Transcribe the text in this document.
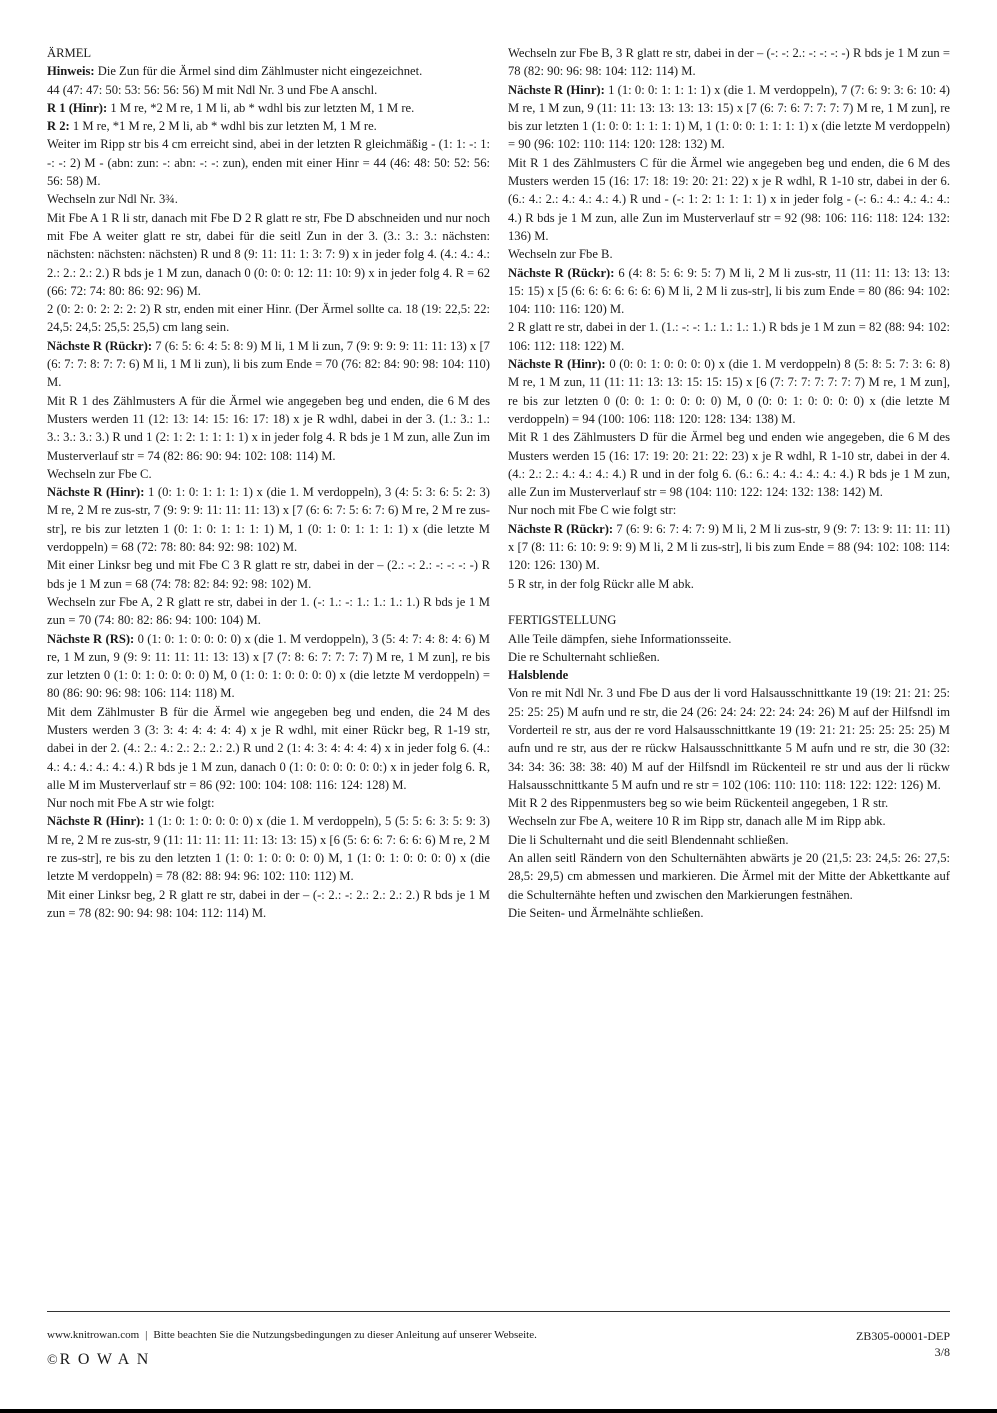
ÄRMEL

Hinweis: Die Zun für die Ärmel sind dim Zählmuster nicht eingezeichnet.

44 (47: 47: 50: 53: 56: 56: 56) M mit Ndl Nr. 3 und Fbe A anschl.

R 1 (Hinr): 1 M re, *2 M re, 1 M li, ab * wdhl bis zur letzten M, 1 M re.

R 2: 1 M re, *1 M re, 2 M li, ab * wdhl bis zur letzten M, 1 M re.

Weiter im Ripp str bis 4 cm erreicht sind, abei in der letzten R gleichmäßig - (1: 1: -: 1: -: -: 2) M - (abn: zun: -: abn: -: -: zun), enden mit einer Hinr = 44 (46: 48: 50: 52: 56: 56: 58) M.

Wechseln zur Ndl Nr. 3¾.

Mit Fbe A 1 R li str, danach mit Fbe D 2 R glatt re str, Fbe D abschneiden und nur noch mit Fbe A weiter glatt re str, dabei für die seitl Zun in der 3. (3.: 3.: 3.: nächsten: nächsten: nächsten: nächsten) R und 8 (9: 11: 11: 1: 3: 7: 9) x in jeder folg 4. (4.: 4.: 4.: 2.: 2.: 2.: 2.) R bds je 1 M zun, danach 0 (0: 0: 0: 12: 11: 10: 9) x in jeder folg 4. R = 62 (66: 72: 74: 80: 86: 92: 96) M.

2 (0: 2: 0: 2: 2: 2: 2) R str, enden mit einer Hinr. (Der Ärmel sollte ca. 18 (19: 22,5: 22: 24,5: 24,5: 25,5: 25,5) cm lang sein.

Nächste R (Rückr): 7 (6: 5: 6: 4: 5: 8: 9) M li, 1 M li zun, 7 (9: 9: 9: 9: 11: 11: 13) x [7 (6: 7: 7: 8: 7: 7: 6) M li, 1 M li zun), li bis zum Ende = 70 (76: 82: 84: 90: 98: 104: 110) M.

Mit R 1 des Zählmusters A für die Ärmel wie angegeben beg und enden, die 6 M des Musters werden 11 (12: 13: 14: 15: 16: 17: 18) x je R wdhl, dabei in der 3. (1.: 3.: 1.: 3.: 3.: 3.: 3.) R und 1 (2: 1: 2: 1: 1: 1: 1) x in jeder folg 4. R bds je 1 M zun, alle Zun im Musterverlauf str = 74 (82: 86: 90: 94: 102: 108: 114) M.

Wechseln zur Fbe C.

Nächste R (Hinr): 1 (0: 1: 0: 1: 1: 1: 1) x (die 1. M verdoppeln), 3 (4: 5: 3: 6: 5: 2: 3) M re, 2 M re zus-str, 7 (9: 9: 9: 11: 11: 11: 13) x [7 (6: 6: 7: 5: 6: 7: 6) M re, 2 M re zus-str], re bis zur letzten 1 (0: 1: 0: 1: 1: 1: 1) M, 1 (0: 1: 0: 1: 1: 1: 1) x (die letzte M verdoppeln) = 68 (72: 78: 80: 84: 92: 98: 102) M.

Mit einer Linksr beg und mit Fbe C 3 R glatt re str, dabei in der – (2.: -: 2.: -: -: -: -) R bds je 1 M zun = 68 (74: 78: 82: 84: 92: 98: 102) M.

Wechseln zur Fbe A, 2 R glatt re str, dabei in der 1. (-: 1.: -: 1.: 1.: 1.: 1.) R bds je 1 M zun = 70 (74: 80: 82: 86: 94: 100: 104) M.

Nächste R (RS): 0 (1: 0: 1: 0: 0: 0: 0) x (die 1. M verdoppeln), 3 (5: 4: 7: 4: 8: 4: 6) M re, 1 M zun, 9 (9: 9: 11: 11: 11: 13: 13) x [7 (7: 8: 6: 7: 7: 7: 7) M re, 1 M zun], re bis zur letzten 0 (1: 0: 1: 0: 0: 0: 0) M, 0 (1: 0: 1: 0: 0: 0: 0) x (die letzte M verdoppeln) = 80 (86: 90: 96: 98: 106: 114: 118) M.

Mit dem Zählmuster B für die Ärmel wie angegeben beg und enden, die 24 M des Musters werden 3 (3: 3: 4: 4: 4: 4: 4) x je R wdhl, mit einer Rückr beg, R 1-19 str, dabei in der 2. (4.: 2.: 4.: 2.: 2.: 2.: 2.) R und 2 (1: 4: 3: 4: 4: 4: 4) x in jeder folg 6. (4.: 4.: 4.: 4.: 4.: 4.: 4.) R bds je 1 M zun, danach 0 (1: 0: 0: 0: 0: 0: 0:) x in jeder folg 6. R, alle M im Musterverlauf str = 86 (92: 100: 104: 108: 116: 124: 128) M.

Nur noch mit Fbe A str wie folgt:

Nächste R (Hinr): 1 (1: 0: 1: 0: 0: 0: 0) x (die 1. M verdoppeln), 5 (5: 5: 6: 3: 5: 9: 3) M re, 2 M re zus-str, 9 (11: 11: 11: 11: 11: 13: 13: 15) x [6 (5: 6: 6: 7: 6: 6: 6) M re, 2 M re zus-str], re bis zu den letzten 1 (1: 0: 1: 0: 0: 0: 0) M, 1 (1: 0: 1: 0: 0: 0: 0) x (die letzte M verdoppeln) = 78 (82: 88: 94: 96: 102: 110: 112) M.

Mit einer Linksr beg, 2 R glatt re str, dabei in der – (-: 2.: -: 2.: 2.: 2.: 2.) R bds je 1 M zun = 78 (82: 90: 94: 98: 104: 112: 114) M.

Wechseln zur Fbe B, 3 R glatt re str, dabei in der – (-: -: 2.: -: -: -: -) R bds je 1 M zun = 78 (82: 90: 96: 98: 104: 112: 114) M.

Nächste R (Hinr): 1 (1: 0: 0: 1: 1: 1: 1) x (die 1. M verdoppeln), 7 (7: 6: 9: 3: 6: 10: 4) M re, 1 M zun, 9 (11: 11: 13: 13: 13: 13: 15) x [7 (6: 7: 6: 7: 7: 7: 7) M re, 1 M zun], re bis zur letzten 1 (1: 0: 0: 1: 1: 1: 1) M, 1 (1: 0: 0: 1: 1: 1: 1) x (die letzte M verdoppeln) = 90 (96: 102: 110: 114: 120: 128: 132) M.

Mit R 1 des Zählmusters C für die Ärmel wie angegeben beg und enden, die 6 M des Musters werden 15 (16: 17: 18: 19: 20: 21: 22) x je R wdhl, R 1-10 str, dabei in der 6. (6.: 4.: 2.: 4.: 4.: 4.: 4.) R und - (-: 1: 2: 1: 1: 1: 1) x in jeder folg - (-: 6.: 4.: 4.: 4.: 4.: 4.) R bds je 1 M zun, alle Zun im Musterverlauf str = 92 (98: 106: 116: 118: 124: 132: 136) M.

Wechseln zur Fbe B.

Nächste R (Rückr): 6 (4: 8: 5: 6: 9: 5: 7) M li, 2 M li zus-str, 11 (11: 11: 13: 13: 13: 15: 15) x [5 (6: 6: 6: 6: 6: 6: 6) M li, 2 M li zus-str], li bis zum Ende = 80 (86: 94: 102: 104: 110: 116: 120) M.

2 R glatt re str, dabei in der 1. (1.: -: -: 1.: 1.: 1.: 1.) R bds je 1 M zun = 82 (88: 94: 102: 106: 112: 118: 122) M.

Nächste R (Hinr): 0 (0: 0: 1: 0: 0: 0: 0) x (die 1. M verdoppeln) 8 (5: 8: 5: 7: 3: 6: 8) M re, 1 M zun, 11 (11: 11: 13: 13: 15: 15: 15) x [6 (7: 7: 7: 7: 7: 7: 7) M re, 1 M zun], re bis zur letzten 0 (0: 0: 1: 0: 0: 0: 0) M, 0 (0: 0: 1: 0: 0: 0: 0) x (die letzte M verdoppeln) = 94 (100: 106: 118: 120: 128: 134: 138) M.

Mit R 1 des Zählmusters D für die Ärmel beg und enden wie angegeben, die 6 M des Musters werden 15 (16: 17: 19: 20: 21: 22: 23) x je R wdhl, R 1-10 str, dabei in der 4. (4.: 2.: 2.: 4.: 4.: 4.: 4.) R und in der folg 6. (6.: 6.: 4.: 4.: 4.: 4.: 4.) R bds je 1 M zun, alle Zun im Musterverlauf str = 98 (104: 110: 122: 124: 132: 138: 142) M.

Nur noch mit Fbe C wie folgt str:

Nächste R (Rückr): 7 (6: 9: 6: 7: 4: 7: 9) M li, 2 M li zus-str, 9 (9: 7: 13: 9: 11: 11: 11) x [7 (8: 11: 6: 10: 9: 9: 9) M li, 2 M li zus-str], li bis zum Ende = 88 (94: 102: 108: 114: 120: 126: 130) M.

5 R str, in der folg Rückr alle M abk.

FERTIGSTELLUNG

Alle Teile dämpfen, siehe Informationsseite.

Die re Schulternaht schließen.

Halsblende

Von re mit Ndl Nr. 3 und Fbe D aus der li vord Halsausschnittkante 19 (19: 21: 21: 25: 25: 25: 25) M aufn und re str, die 24 (26: 24: 24: 22: 24: 24: 26) M auf der Hilfsndl im Vorderteil re str, aus der re vord Halsausschnittkante 19 (19: 21: 21: 25: 25: 25: 25) M aufn und re str, aus der re rückw Halsausschnittkante 5 M aufn und re str, die 30 (32: 34: 34: 36: 38: 38: 40) M auf der Hilfsndl im Rückenteil re str und aus der li rückw Halsausschnittkante 5 M aufn und re str = 102 (106: 110: 110: 118: 122: 122: 126) M.

Mit R 2 des Rippenmusters beg so wie beim Rückenteil angegeben, 1 R str.

Wechseln zur Fbe A, weitere 10 R im Ripp str, danach alle M im Ripp abk.

Die li Schulternaht und die seitl Blendennaht schließen.

An allen seitl Rändern von den Schulternähten abwärts je 20 (21,5: 23: 24,5: 26: 27,5: 28,5: 29,5) cm abmessen und markieren. Die Ärmel mit der Mitte der Abkettkante auf die Schulternähte heften und zwischen den Markierungen festnähen.

Die Seiten- und Ärmelnähte schließen.

www.knitrowan.com | Bitte beachten Sie die Nutzungsbedingungen zu dieser Anleitung auf unserer Webseite.
© ROWAN
ZB305-00001-DEP
3/8
